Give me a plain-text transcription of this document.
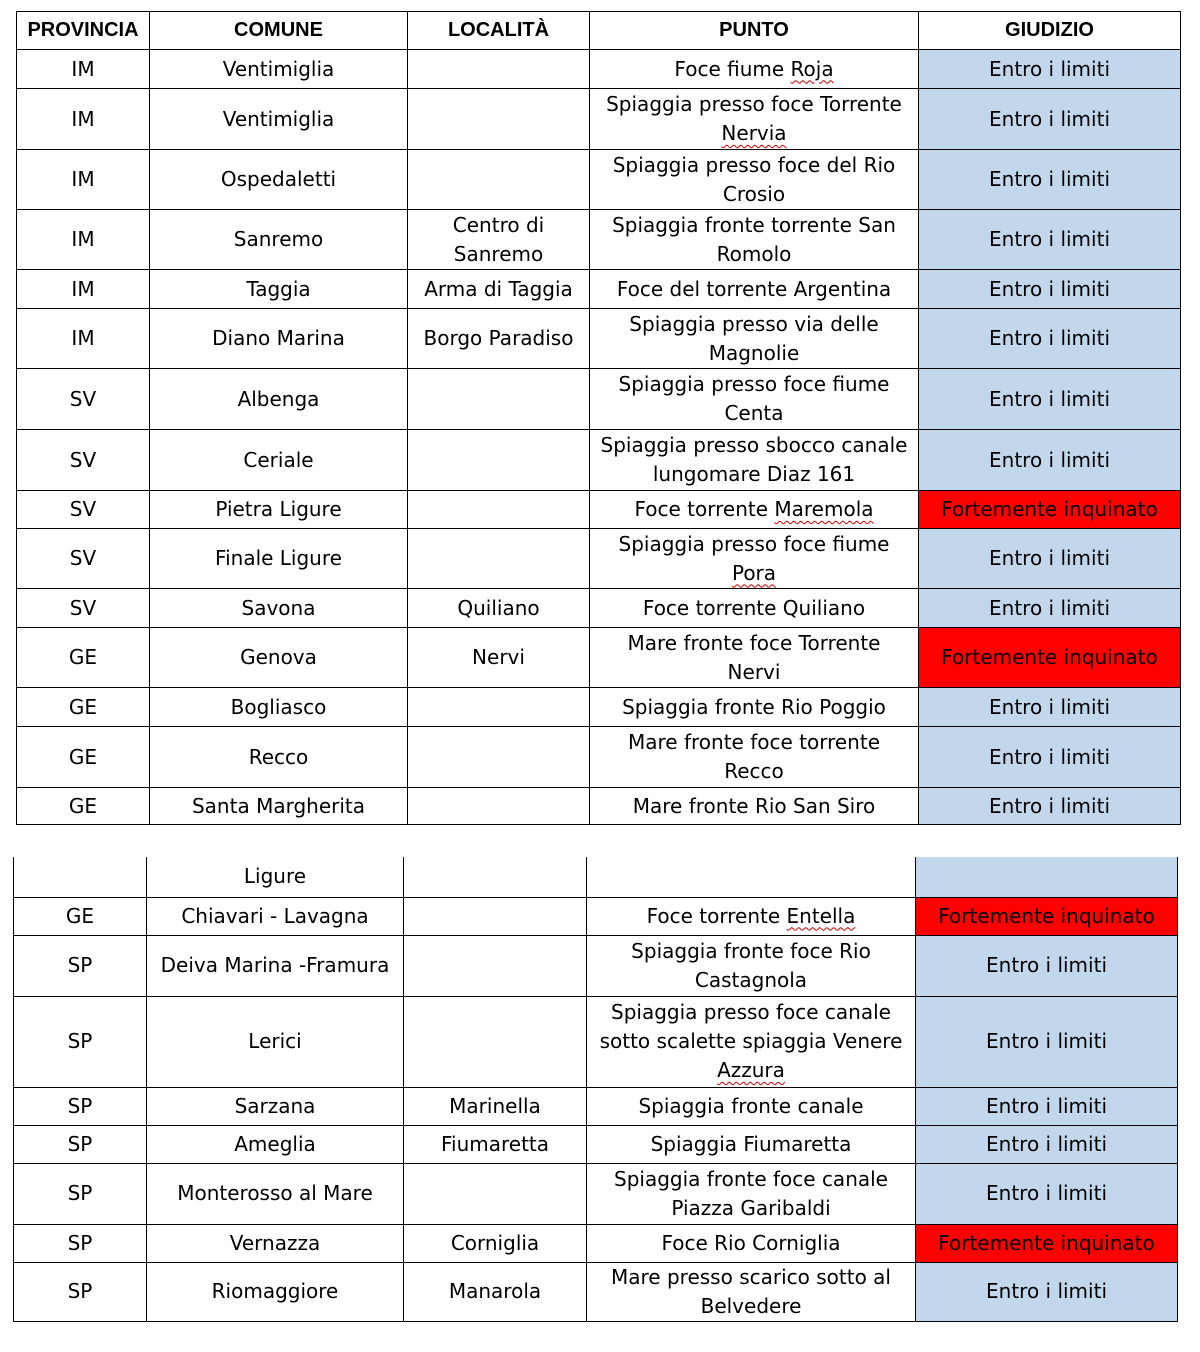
PROVINCIA	COMUNE	LOCALITÀ	PUNTO	GIUDIZIO
IM	Ventimiglia		Foce fiume Roja	Entro i limiti
IM	Ventimiglia		Spiaggia presso foce Torrente Nervia	Entro i limiti
IM	Ospedaletti		Spiaggia presso foce del Rio Crosio	Entro i limiti
IM	Sanremo	Centro di Sanremo	Spiaggia fronte torrente San Romolo	Entro i limiti
IM	Taggia	Arma di Taggia	Foce del torrente Argentina	Entro i limiti
IM	Diano Marina	Borgo Paradiso	Spiaggia presso via delle Magnolie	Entro i limiti
SV	Albenga		Spiaggia presso foce fiume Centa	Entro i limiti
SV	Ceriale		Spiaggia presso sbocco canale lungomare Diaz 161	Entro i limiti
SV	Pietra Ligure		Foce torrente Maremola	Fortemente inquinato
SV	Finale Ligure		Spiaggia presso foce fiume Pora	Entro i limiti
SV	Savona	Quiliano	Foce torrente Quiliano	Entro i limiti
GE	Genova	Nervi	Mare fronte foce Torrente Nervi	Fortemente inquinato
GE	Bogliasco		Spiaggia fronte Rio Poggio	Entro i limiti
GE	Recco		Mare fronte foce torrente Recco	Entro i limiti
GE	Santa Margherita		Mare fronte Rio San Siro	Entro i limiti
	Ligure			
GE	Chiavari - Lavagna		Foce torrente Entella	Fortemente inquinato
SP	Deiva Marina -Framura		Spiaggia fronte foce Rio Castagnola	Entro i limiti
SP	Lerici		Spiaggia presso foce canale sotto scalette spiaggia Venere Azzura	Entro i limiti
SP	Sarzana	Marinella	Spiaggia fronte canale	Entro i limiti
SP	Ameglia	Fiumaretta	Spiaggia Fiumaretta	Entro i limiti
SP	Monterosso al Mare		Spiaggia fronte foce canale Piazza Garibaldi	Entro i limiti
SP	Vernazza	Corniglia	Foce Rio Corniglia	Fortemente inquinato
SP	Riomaggiore	Manarola	Mare presso scarico sotto al Belvedere	Entro i limiti
